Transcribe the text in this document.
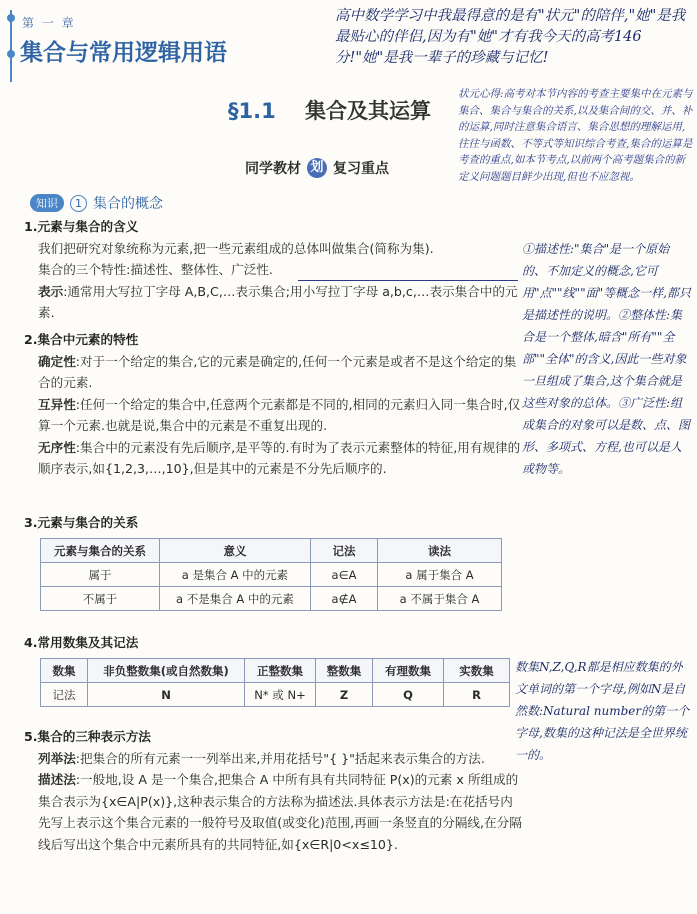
第 一 章
集合与常用逻辑用语
高中数学学习中我最得意的是有"状元"的陪伴,"她"是我最贴心的伴侣,因为有"她"才有我今天的高考146分!"她"是我一辈子的珍藏与记忆!
§1.1 集合及其运算
状元心得:高考对本节内容的考查主要集中在元素与集合、集合与集合的关系,以及集合间的交、并、补的运算,同时注意集合语言、集合思想的理解运用,往往与函数、不等式等知识综合考查,集合的运算是考查的重点,如本节考点,以前两个高考题集合的新定义问题题目鲜少出现,但也不应忽视。
同学教材 划 复习重点
知识	1 集合的概念
1.元素与集合的含义
我们把研究对象统称为元素,把一些元素组成的总体叫做集合(简称为集).
集合的三个特性:描述性、整体性、广泛性.
表示:通常用大写拉丁字母 A,B,C,…表示集合;用小写拉丁字母 a,b,c,…表示集合中的元素.
2.集合中元素的特性
确定性:对于一个给定的集合,它的元素是确定的,任何一个元素是或者不是这个给定的集合的元素.
互异性:任何一个给定的集合中,任意两个元素都是不同的,相同的元素归入同一集合时,仅算一个元素.也就是说,集合中的元素是不重复出现的.
无序性:集合中的元素没有先后顺序,是平等的.有时为了表示元素整体的特征,用有规律的顺序表示,如{1,2,3,…,10},但是其中的元素是不分先后顺序的.
3.元素与集合的关系
元素与集合的关系	意义	记法	读法
属于	a 是集合 A 中的元素	a∈A	a 属于集合 A
不属于	a 不是集合 A 中的元素	a∉A	a 不属于集合 A
4.常用数集及其记法
数集	非负整数集(或自然数集)	正整数集	整数集	有理数集	实数集
记法	N	N* 或 N+	Z	Q	R
5.集合的三种表示方法
列举法:把集合的所有元素一一列举出来,并用花括号"{ }"括起来表示集合的方法.
描述法:一般地,设 A 是一个集合,把集合 A 中所有具有共同特征 P(x)的元素 x 所组成的集合表示为{x∈A|P(x)},这种表示集合的方法称为描述法.具体表示方法是:在花括号内先写上表示这个集合元素的一般符号及取值(或变化)范围,再画一条竖直的分隔线,在分隔线后写出这个集合中元素所具有的共同特征,如{x∈R|0<x≤10}.
①描述性:"集合"是一个原始的、不加定义的概念,它可用"点""线""面"等概念一样,都只是描述性的说明。②整体性:集合是一个整体,暗含"所有""全部""全体"的含义,因此一些对象一旦组成了集合,这个集合就是这些对象的总体。③广泛性:组成集合的对象可以是数、点、图形、多项式、方程,也可以是人或物等。
数集N,Z,Q,R都是相应数集的外文单词的第一个字母,例如N是自然数:Natural number的第一个字母,数集的这种记法是全世界统一的。
